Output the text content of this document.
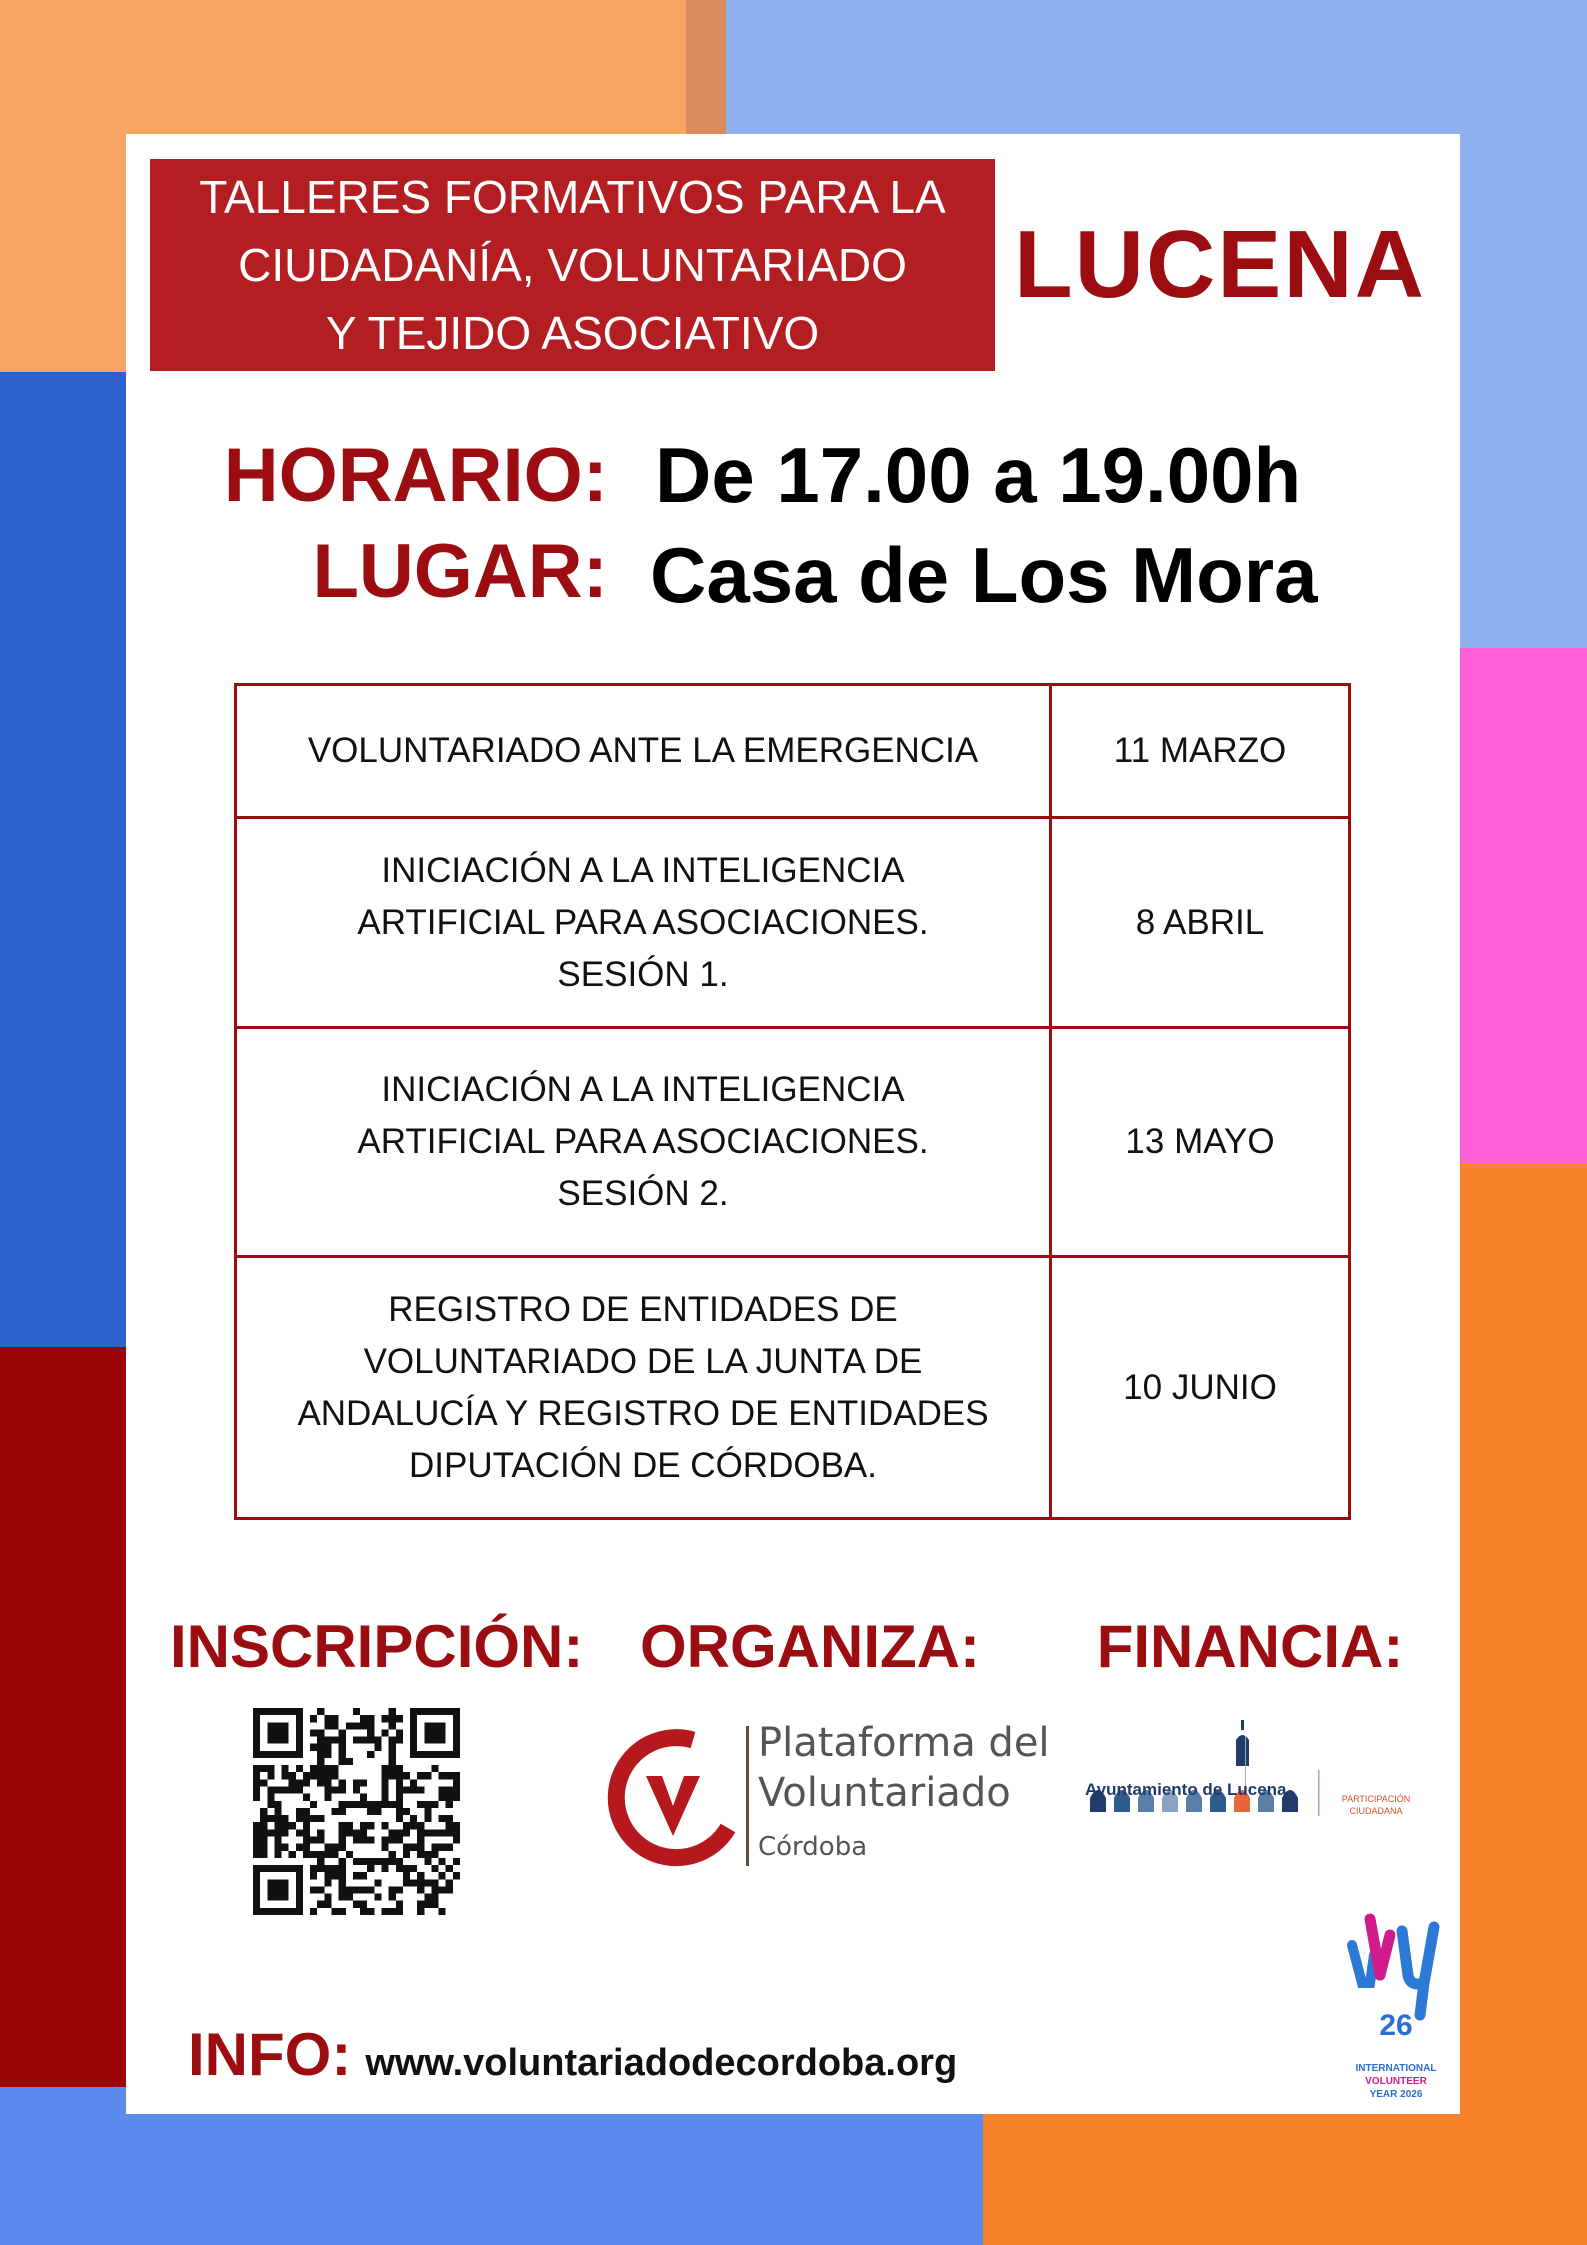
TALLERES FORMATIVOS PARA LA
CIUDADANÍA, VOLUNTARIADO
Y TEJIDO ASOCIATIVO
LUCENA
HORARIO: De 17.00 a 19.00h
LUGAR: Casa de Los Mora
VOLUNTARIADO ANTE LA EMERGENCIA	11 MARZO

INICIACIÓN A LA INTELIGENCIA
ARTIFICIAL PARA ASOCIACIONES.
SESIÓN 1.	8 ABRIL

INICIACIÓN A LA INTELIGENCIA
ARTIFICIAL PARA ASOCIACIONES.
SESIÓN 2.	13 MAYO

REGISTRO DE ENTIDADES DE
VOLUNTARIADO DE LA JUNTA DE
ANDALUCÍA Y REGISTRO DE ENTIDADES
DIPUTACIÓN DE CÓRDOBA.	10 JUNIO
INSCRIPCIÓN: ORGANIZA: FINANCIA:
Plataforma del
Voluntariado
Córdoba
Ayuntamiento de Lucena	PARTICIPACIÓN
CIUDADANA
INFO: www.voluntariadodecordoba.org
26
INTERNATIONAL
VOLUNTEER
YEAR 2026
